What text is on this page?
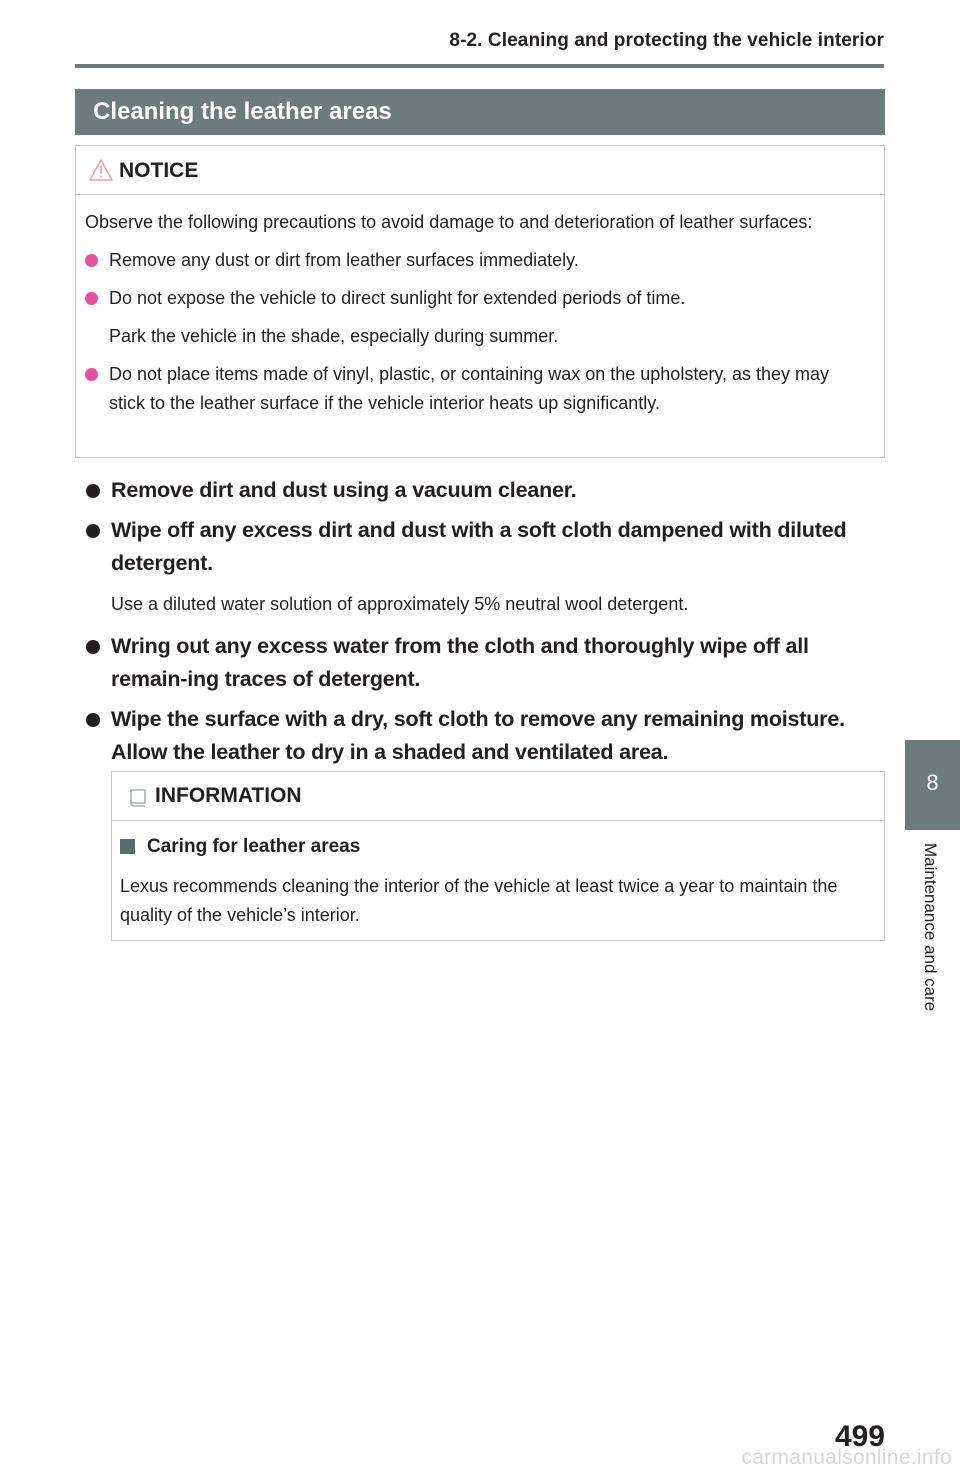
8-2. Cleaning and protecting the vehicle interior
Cleaning the leather areas
NOTICE

Observe the following precautions to avoid damage to and deterioration of leather surfaces:

Remove any dust or dirt from leather surfaces immediately.

Do not expose the vehicle to direct sunlight for extended periods of time.

Park the vehicle in the shade, especially during summer.

Do not place items made of vinyl, plastic, or containing wax on the upholstery, as they may stick to the leather surface if the vehicle interior heats up significantly.

Remove dirt and dust using a vacuum cleaner.
Wipe off any excess dirt and dust with a soft cloth dampened with diluted detergent.
Use a diluted water solution of approximately 5% neutral wool detergent.
Wring out any excess water from the cloth and thoroughly wipe off all remain-ing traces of detergent.
Wipe the surface with a dry, soft cloth to remove any remaining moisture. Allow the leather to dry in a shaded and ventilated area.
INFORMATION
Caring for leather areas
Lexus recommends cleaning the interior of the vehicle at least twice a year to maintain the quality of the vehicle’s interior.
8
Maintenance and care
499
carmanualsonline.info
